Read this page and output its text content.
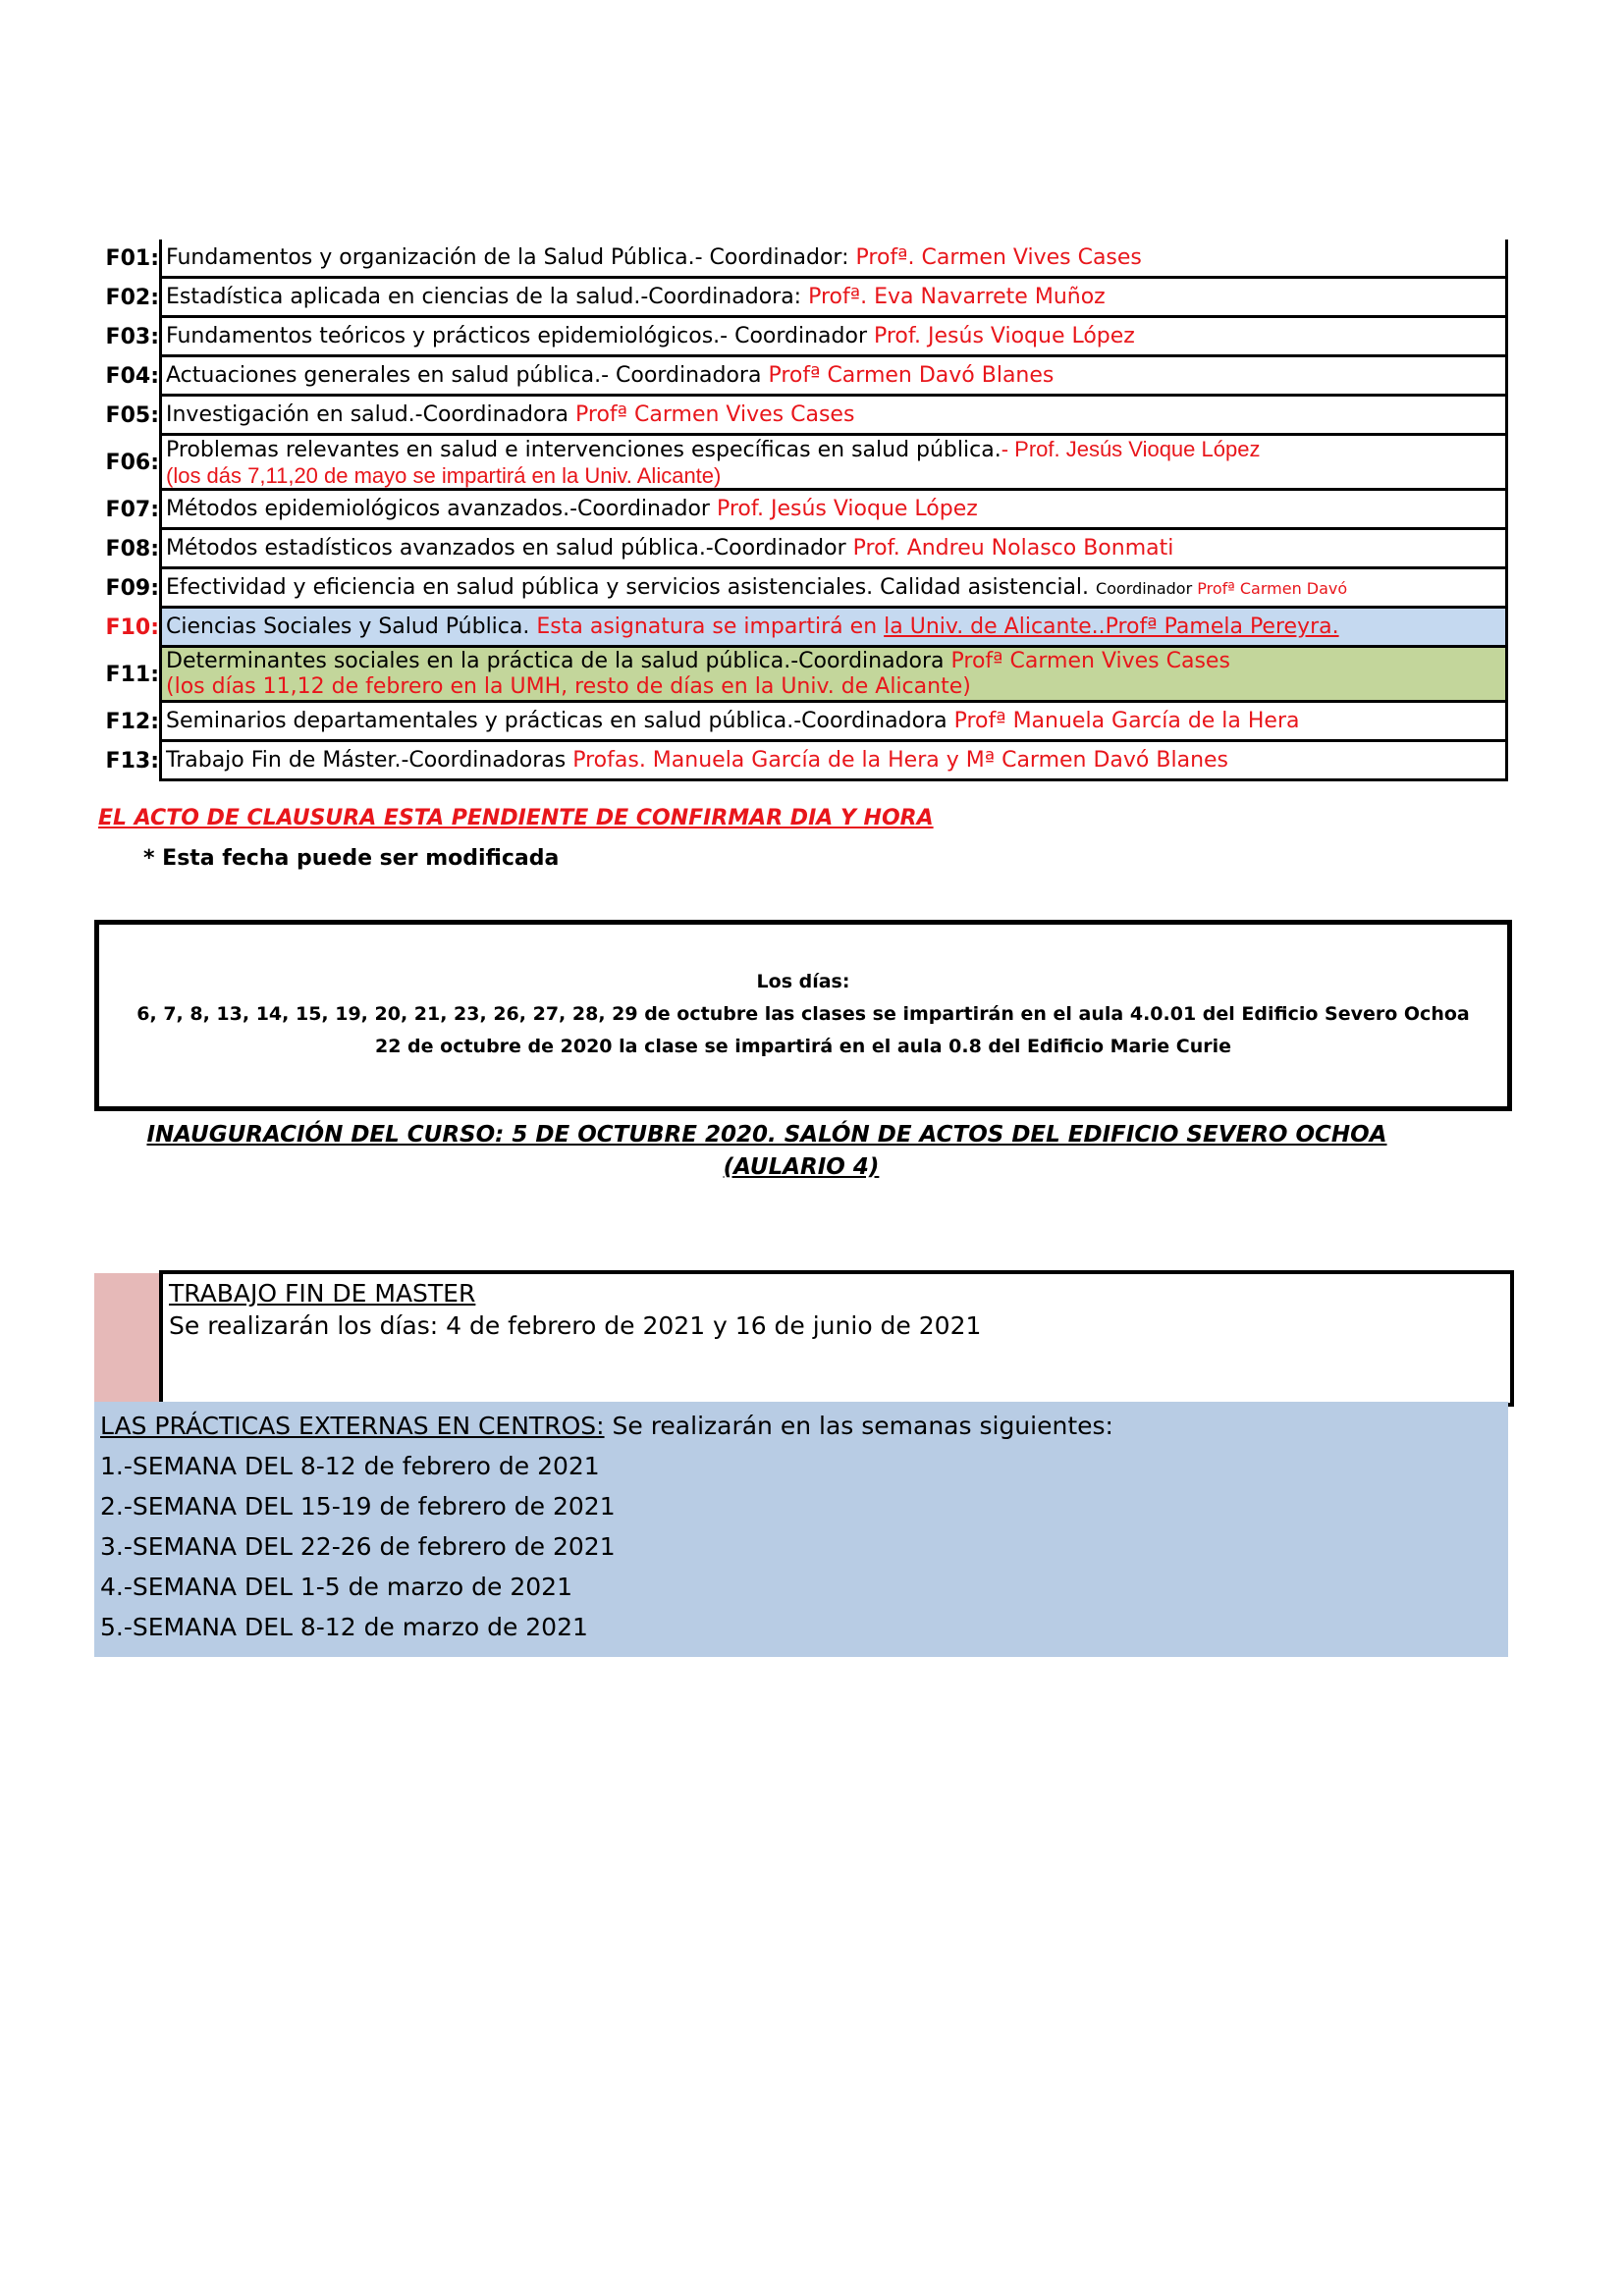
F01: Fundamentos y organización de la Salud Pública.- Coordinador: Profª. Carmen Vives Cases
F02: Estadística aplicada en ciencias de la salud.-Coordinadora: Profª. Eva Navarrete Muñoz
F03: Fundamentos teóricos y prácticos epidemiológicos.- Coordinador Prof. Jesús Vioque López
F04: Actuaciones generales en salud pública.- Coordinadora Profª Carmen Davó Blanes
F05: Investigación en salud.-Coordinadora Profª Carmen Vives Cases
F06:
Problemas relevantes en salud e intervenciones específicas en salud pública.- Prof. Jesús Vioque López
(los dás 7,11,20 de mayo se impartirá en la Univ. Alicante)
F07: Métodos epidemiológicos avanzados.-Coordinador Prof. Jesús Vioque López
F08: Métodos estadísticos avanzados en salud pública.-Coordinador Prof. Andreu Nolasco Bonmati
F09: Efectividad y eficiencia en salud pública y servicios asistenciales. Calidad asistencial. Coordinador Profª Carmen Davó
F10: Ciencias Sociales y Salud Pública. Esta asignatura se impartirá en la Univ. de Alicante..Profª Pamela Pereyra.
F11:
Determinantes sociales en la práctica de la salud pública.-Coordinadora Profª Carmen Vives Cases
(los días 11,12 de febrero en la UMH, resto de días en la Univ. de Alicante)
F12: Seminarios departamentales y prácticas en salud pública.-Coordinadora Profª Manuela García de la Hera
F13: Trabajo Fin de Máster.-Coordinadoras Profas. Manuela García de la Hera y Mª Carmen Davó Blanes
EL ACTO DE CLAUSURA ESTA PENDIENTE DE CONFIRMAR DIA Y HORA
* Esta fecha puede ser modificada
Los días:
6, 7, 8, 13, 14, 15, 19, 20, 21, 23, 26, 27, 28, 29 de octubre las clases se impartirán en el aula 4.0.01 del Edificio Severo Ochoa
22 de octubre de 2020 la clase se impartirá en el aula 0.8 del Edificio Marie Curie
INAUGURACIÓN DEL CURSO: 5 DE OCTUBRE 2020. SALÓN DE ACTOS DEL EDIFICIO SEVERO OCHOA
(AULARIO 4)
TRABAJO FIN DE MASTER
Se realizarán los días: 4 de febrero de 2021 y 16 de junio de 2021
LAS PRÁCTICAS EXTERNAS EN CENTROS: Se realizarán en las semanas siguientes:
1.-SEMANA DEL 8-12 de febrero de 2021
2.-SEMANA DEL 15-19 de febrero de 2021
3.-SEMANA DEL 22-26 de febrero de 2021
4.-SEMANA DEL 1-5 de marzo de 2021
5.-SEMANA DEL 8-12 de marzo de 2021
